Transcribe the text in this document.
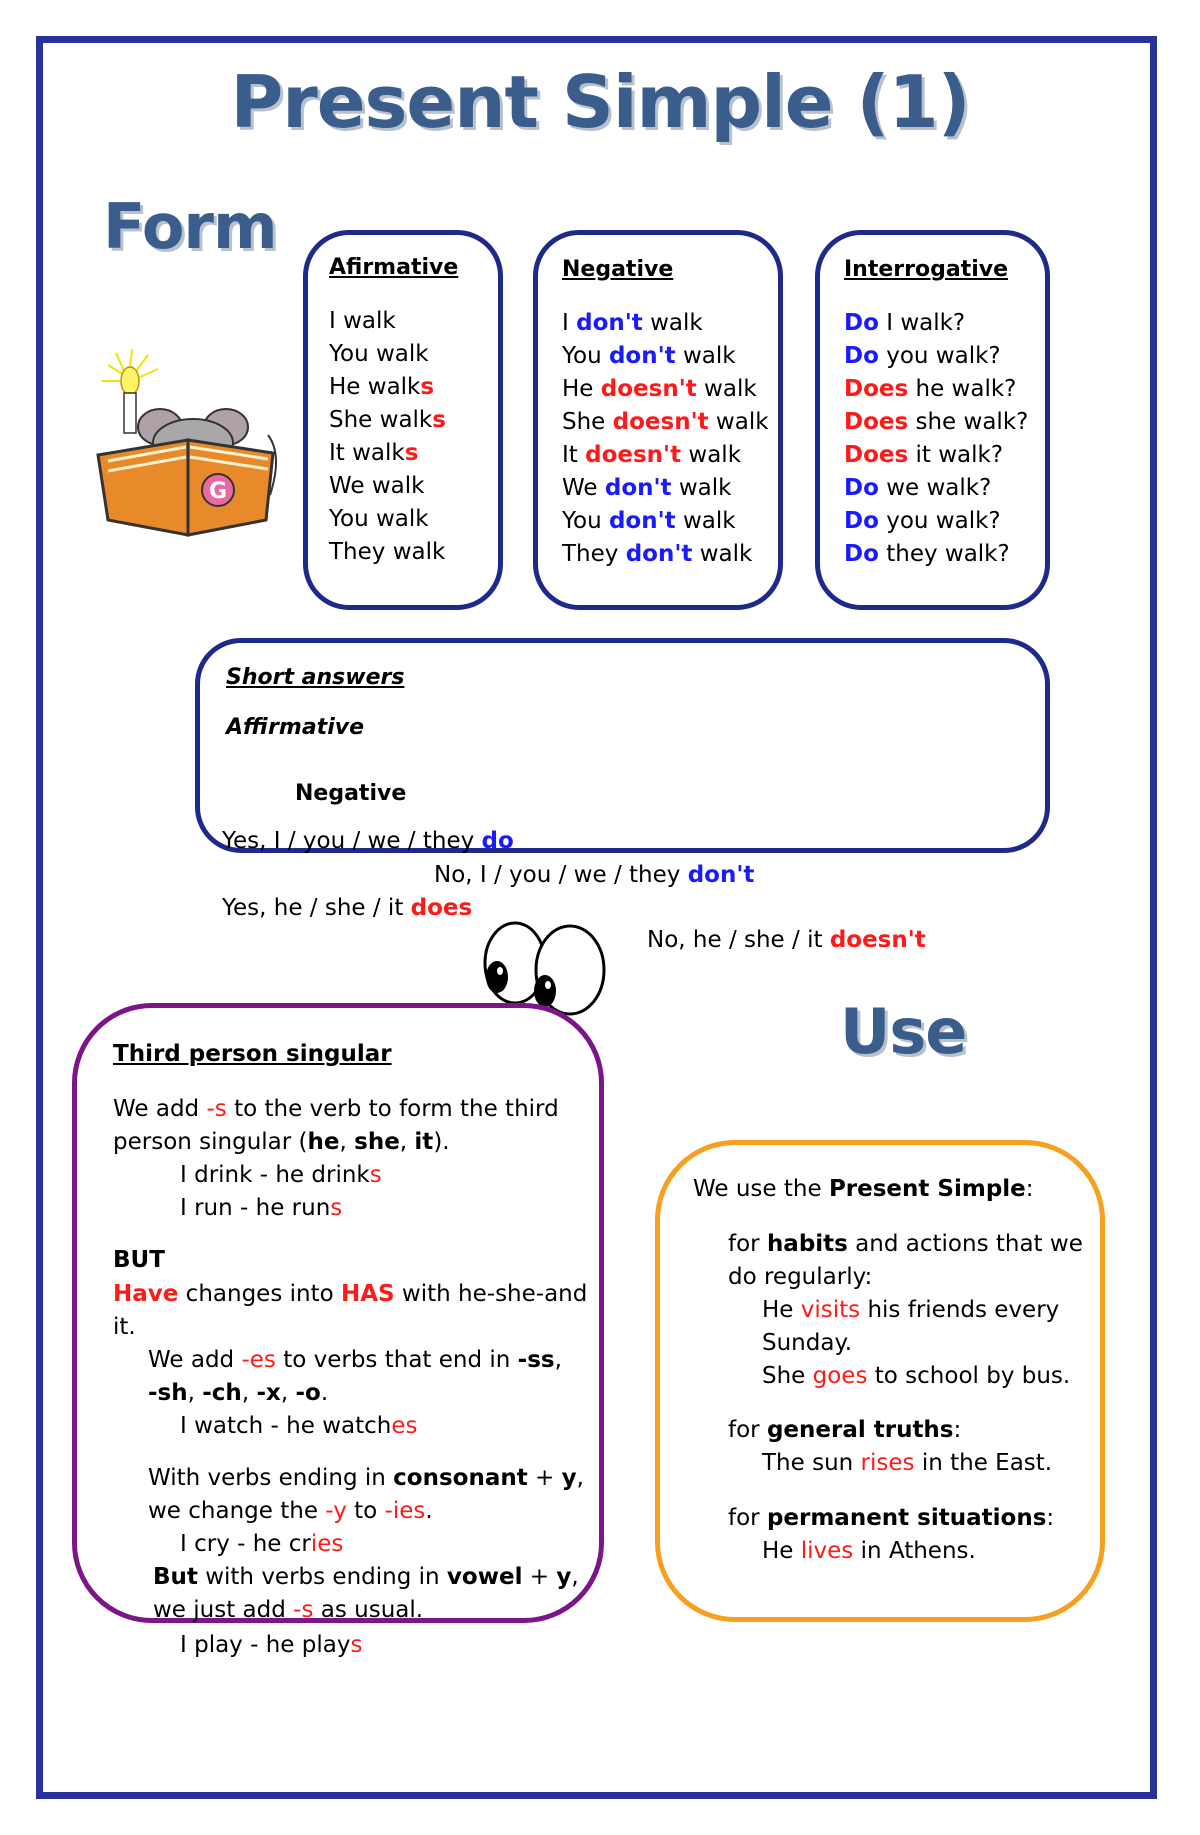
Present Simple (1)
Form
Use
G
Afirmative
I walk
You walk
He walks
She walks
It walks
We walk
You walk
They walk
Negative
I don't walk
You don't walk
He doesn't walk
She doesn't walk
It doesn't walk
We don't walk
You don't walk
They don't walk
Interrogative
Do I walk?
Do you walk?
Does he walk?
Does she walk?
Does it walk?
Do we walk?
Do you walk?
Do they walk?
Short answers
Affirmative
Negative
Yes, I / you / we / they do
No, I / you / we / they don't
Yes, he / she / it does
No, he / she / it doesn't
Third person singular
We add -s to the verb to form the third
person singular (he, she, it).
I drink - he drinks
I run - he runs
BUT
Have changes into HAS with he-she-and
it.
We add -es to verbs that end in -ss,
-sh, -ch, -x, -o.
I watch - he watches
With verbs ending in consonant + y,
we change the -y to -ies.
I cry - he cries
But with verbs ending in vowel + y,
we just add -s as usual.
I play - he plays
We use the Present Simple:
for habits and actions that we
do regularly:
He visits his friends every
Sunday.
She goes to school by bus.
for general truths:
The sun rises in the East.
for permanent situations:
He lives in Athens.
